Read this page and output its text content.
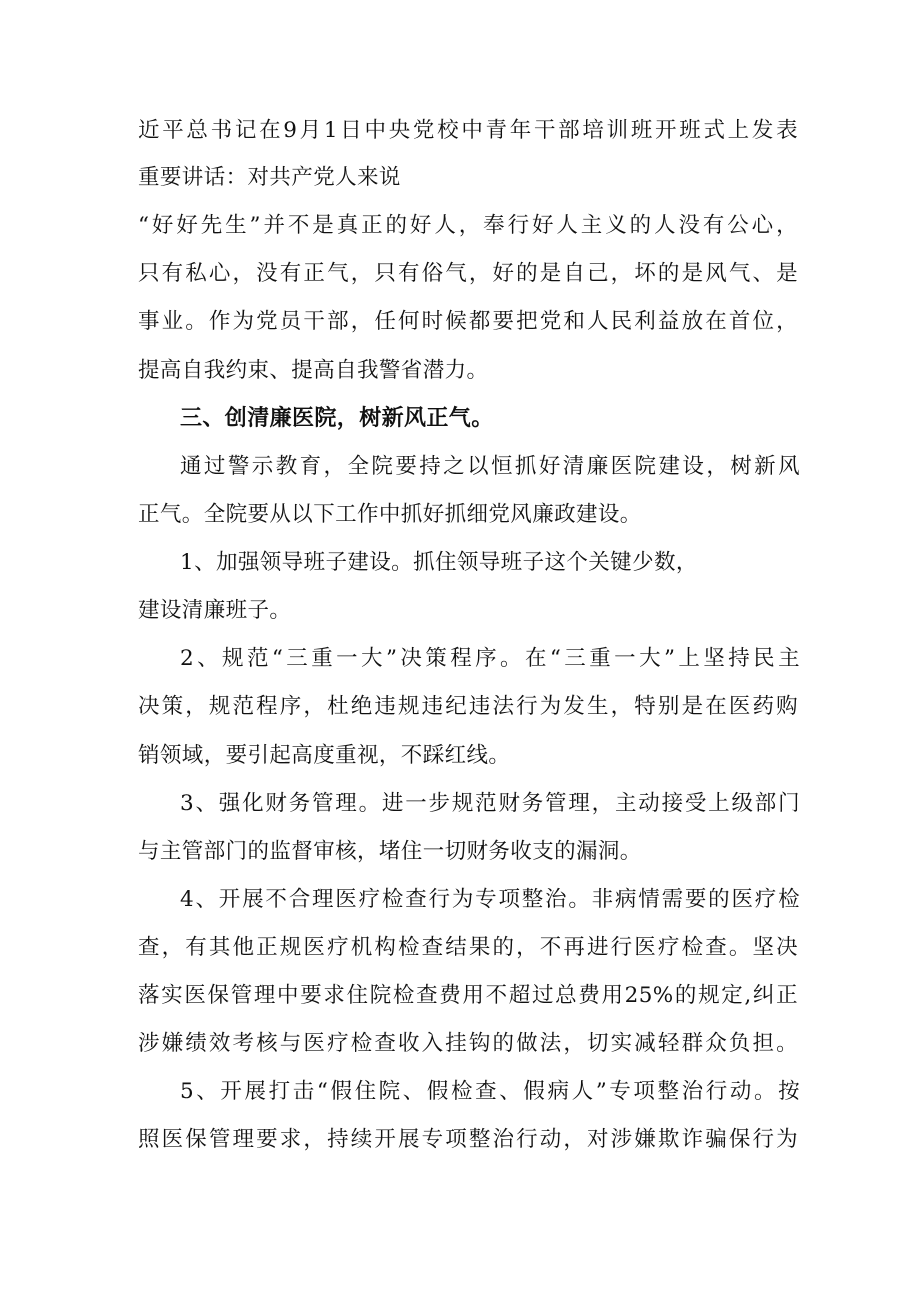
近平总书记在9月1日中央党校中青年干部培训班开班式上发表
重要讲话：对共产党人来说
“好好先生”并不是真正的好人，奉行好人主义的人没有公心，
只有私心，没有正气，只有俗气，好的是自己，坏的是风气、是
事业。作为党员干部，任何时候都要把党和人民利益放在首位，
提高自我约束、提高自我警省潜力。
三、创清廉医院，树新风正气。
通过警示教育，全院要持之以恒抓好清廉医院建设，树新风
正气。全院要从以下工作中抓好抓细党风廉政建设。
1、加强领导班子建设。抓住领导班子这个关键少数，
建设清廉班子。
2、规范“三重一大”决策程序。在“三重一大”上坚持民主
决策，规范程序，杜绝违规违纪违法行为发生，特别是在医药购
销领域，要引起高度重视，不踩红线。
3、强化财务管理。进一步规范财务管理，主动接受上级部门
与主管部门的监督审核，堵住一切财务收支的漏洞。
4、开展不合理医疗检查行为专项整治。非病情需要的医疗检
查，有其他正规医疗机构检查结果的，不再进行医疗检查。坚决
落实医保管理中要求住院检查费用不超过总费用25%的规定,纠正
涉嫌绩效考核与医疗检查收入挂钩的做法，切实减轻群众负担。
5、开展打击“假住院、假检查、假病人”专项整治行动。按
照医保管理要求，持续开展专项整治行动，对涉嫌欺诈骗保行为
